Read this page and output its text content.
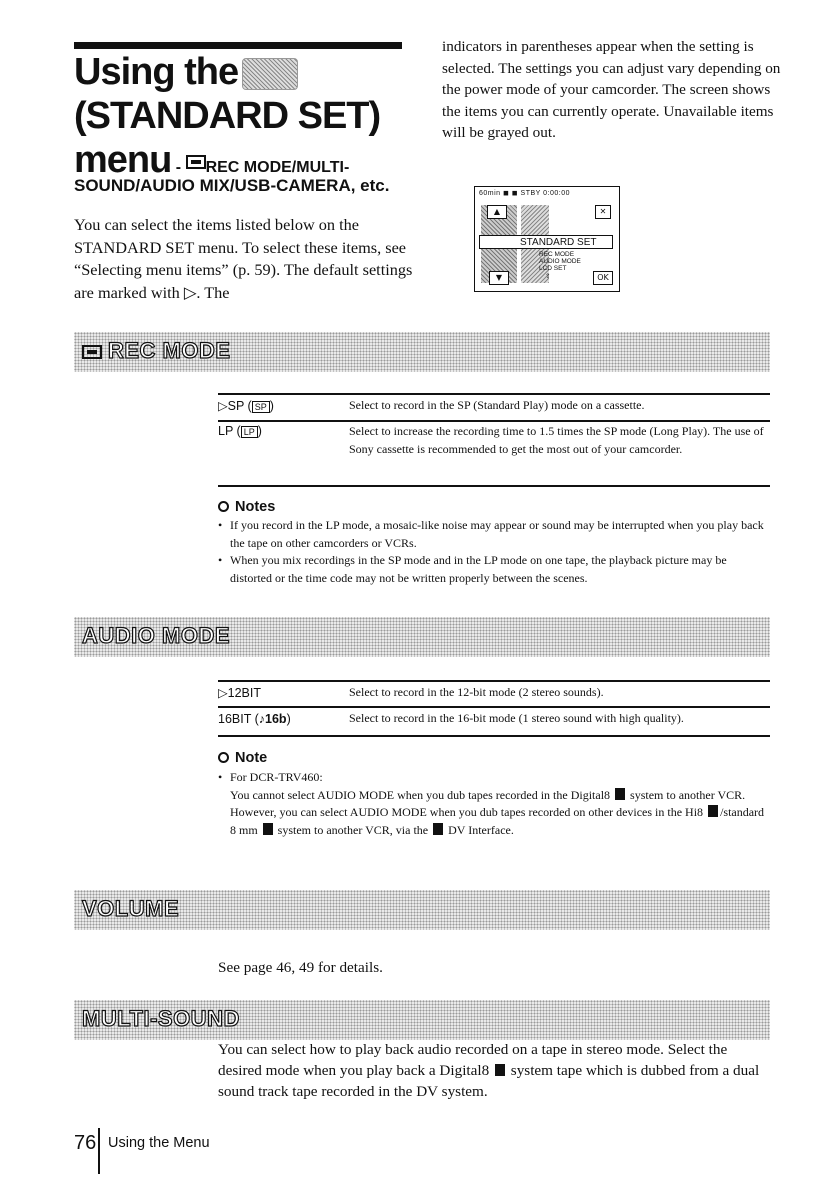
Using the
(STANDARD SET)
menu - REC MODE/MULTI-
SOUND/AUDIO MIX/USB-CAMERA, etc.
You can select the items listed below on the STANDARD SET menu. To select these items, see “Selecting menu items” (p. 59). The default settings are marked with ▷. The
indicators in parentheses appear when the setting is selected. The settings you can adjust vary depending on the power mode of your camcorder. The screen shows the items you can currently operate. Unavailable items will be grayed out.
60min ◼ ◼ STBY 0:00:00
▲	✕
STANDARD SET
REC MODE
AUDIO MODE
LCD SET
⇧
▼	OK
REC MODE
▷SP ( SP )	Select to record in the SP (Standard Play) mode on a cassette.
LP ( LP )	Select to increase the recording time to 1.5 times the SP mode (Long Play). The use of Sony cassette is recommended to get the most out of your camcorder.
Notes
• If you record in the LP mode, a mosaic-like noise may appear or sound may be interrupted when you play back the tape on other camcorders or VCRs.
• When you mix recordings in the SP mode and in the LP mode on one tape, the playback picture may be distorted or the time code may not be written properly between the scenes.
AUDIO MODE
▷12BIT	Select to record in the 12-bit mode (2 stereo sounds).
16BIT (♪16b)	Select to record in the 16-bit mode (1 stereo sound with high quality).
Note
• For DCR-TRV460:
You cannot select AUDIO MODE when you dub tapes recorded in the Digital8 system to another VCR. However, you can select AUDIO MODE when you dub tapes recorded on other devices in the Hi8 /standard 8 mm system to another VCR, via the DV Interface.
VOLUME
See page 46, 49 for details.
MULTI-SOUND
You can select how to play back audio recorded on a tape in stereo mode. Select the desired mode when you play back a Digital8 system tape which is dubbed from a dual sound track tape recorded in the DV system.
76 Using the Menu
